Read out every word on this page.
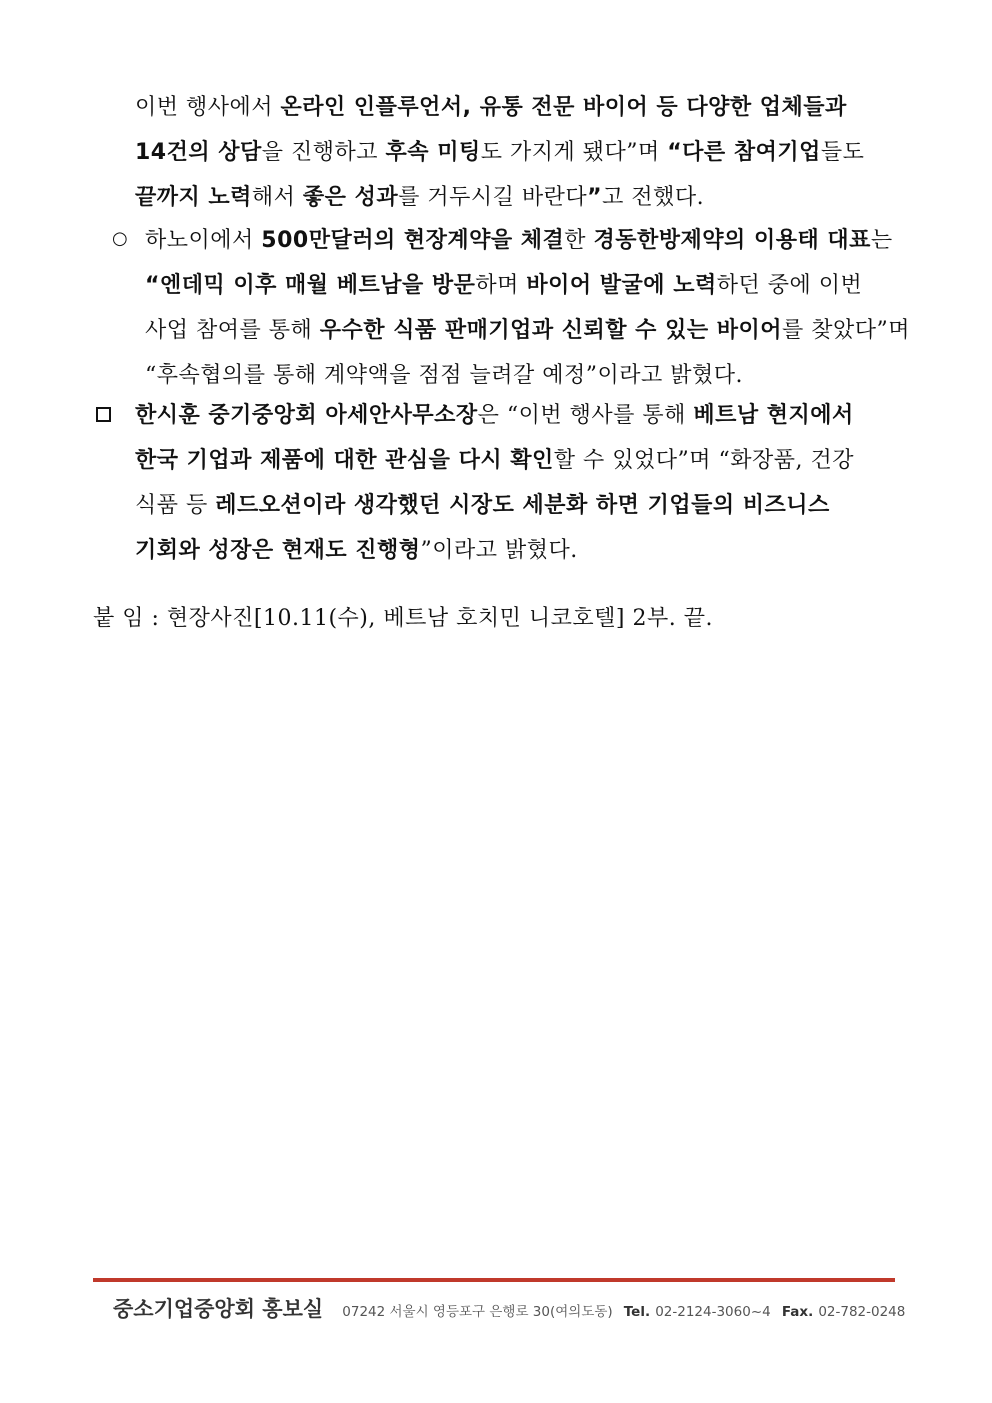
이번 행사에서 온라인 인플루언서, 유통 전문 바이어 등 다양한 업체들과
14건의 상담을 진행하고 후속 미팅도 가지게 됐다”며 “다른 참여기업들도
끝까지 노력해서 좋은 성과를 거두시길 바란다”고 전했다.
○ 하노이에서 500만달러의 현장계약을 체결한 경동한방제약의 이용태 대표는
“엔데믹 이후 매월 베트남을 방문하며 바이어 발굴에 노력하던 중에 이번
사업 참여를 통해 우수한 식품 판매기업과 신뢰할 수 있는 바이어를 찾았다”며
“후속협의를 통해 계약액을 점점 늘려갈 예정”이라고 밝혔다.
한시훈 중기중앙회 아세안사무소장은 “이번 행사를 통해 베트남 현지에서
한국 기업과 제품에 대한 관심을 다시 확인할 수 있었다”며 “화장품, 건강
식품 등 레드오션이라 생각했던 시장도 세분화 하면 기업들의 비즈니스
기회와 성장은 현재도 진행형”이라고 밝혔다.
붙 임 : 현장사진[10.11(수), 베트남 호치민 니코호텔] 2부. 끝.
중소기업중앙회 홍보실 07242 서울시 영등포구 은행로 30(여의도동) Tel. 02-2124-3060~4 Fax. 02-782-0248
